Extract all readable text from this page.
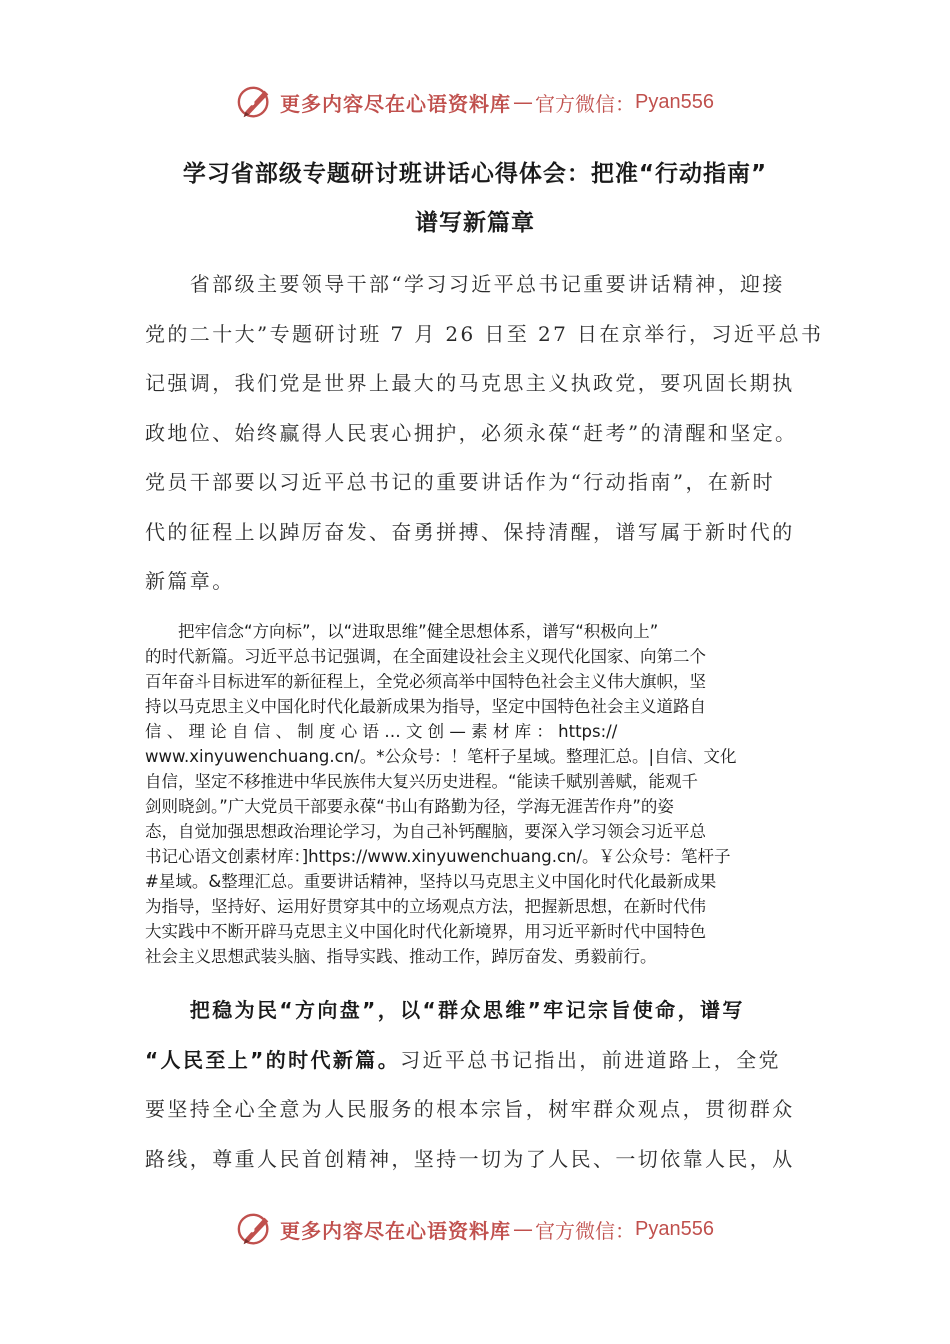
更多内容尽在心语资料库 — 官方微信： Pyan556
学习省部级专题研讨班讲话心得体会：把准“行动指南”
谱写新篇章
　　省部级主要领导干部“学习习近平总书记重要讲话精神，迎接
党的二十大”专题研讨班 7 月 26 日至 27 日在京举行，习近平总书
记强调，我们党是世界上最大的马克思主义执政党，要巩固长期执
政地位、始终赢得人民衷心拥护，必须永葆“赶考”的清醒和坚定。
党员干部要以习近平总书记的重要讲话作为“行动指南”，在新时
代的征程上以踔厉奋发、奋勇拼搏、保持清醒，谱写属于新时代的
新篇章。
　　把牢信念“方向标”，以“进取思维”健全思想体系，谱写“积极向上”
的时代新篇。习近平总书记强调，在全面建设社会主义现代化国家、向第二个
百年奋斗目标进军的新征程上，全党必须高举中国特色社会主义伟大旗帜，坚
持以马克思主义中国化时代化最新成果为指导，坚定中国特色社会主义道路自
信 、 理 论 自 信 、 制 度 心 语 … 文 创 — 素 材 库 ： https://
www.xinyuwenchuang.cn/。*公众号：！笔杆子星域。整理汇总。|自信、文化
自信，坚定不移推进中华民族伟大复兴历史进程。“能读千赋别善赋，能观千
剑则晓剑。”广大党员干部要永葆“书山有路勤为径，学海无涯苦作舟”的姿
态，自觉加强思想政治理论学习，为自己补钙醒脑，要深入学习领会习近平总
书记心语文创素材库：]https://www.xinyuwenchuang.cn/。￥公众号：笔杆子
#星域。&整理汇总。重要讲话精神，坚持以马克思主义中国化时代化最新成果
为指导，坚持好、运用好贯穿其中的立场观点方法，把握新思想，在新时代伟
大实践中不断开辟马克思主义中国化时代化新境界，用习近平新时代中国特色
社会主义思想武装头脑、指导实践、推动工作，踔厉奋发、勇毅前行。
　　把稳为民“方向盘”，以“群众思维”牢记宗旨使命，谱写
“人民至上”的时代新篇。习近平总书记指出，前进道路上，全党
要坚持全心全意为人民服务的根本宗旨，树牢群众观点，贯彻群众
路线，尊重人民首创精神，坚持一切为了人民、一切依靠人民，从
更多内容尽在心语资料库 — 官方微信： Pyan556
